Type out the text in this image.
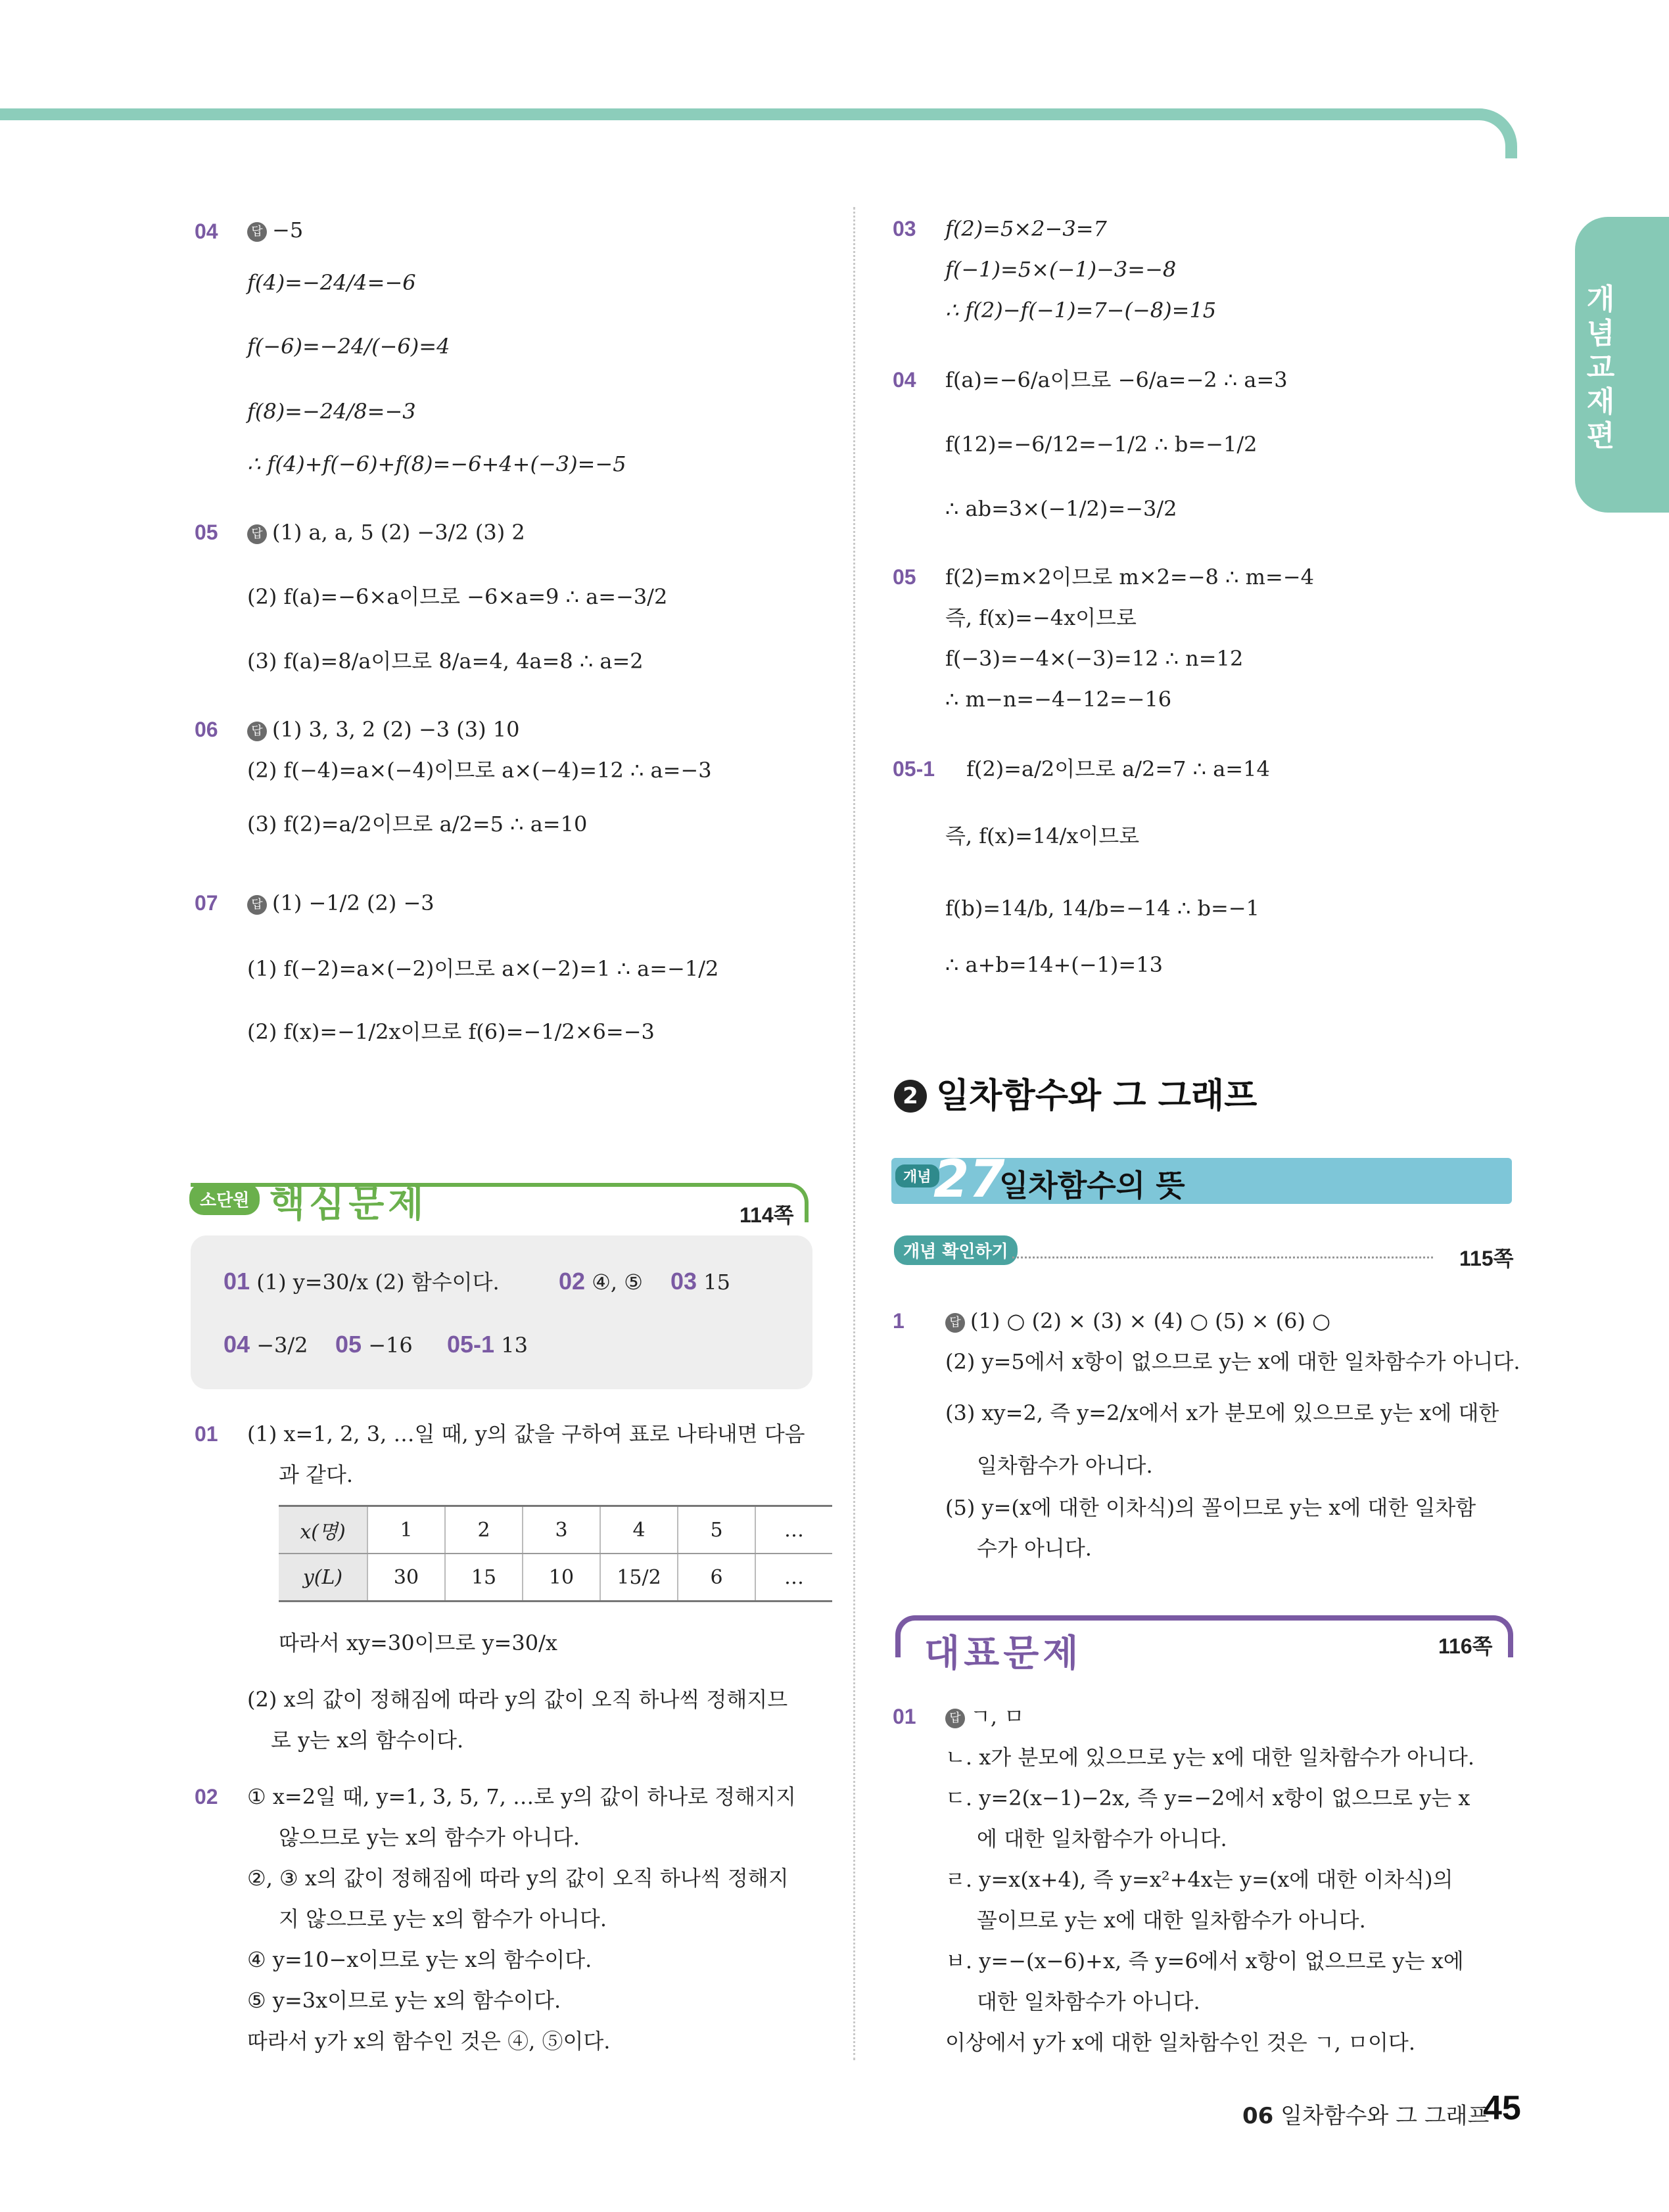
개념교재편
04	답 −5
f(4)=−24/4=−6
f(−6)=−24/(−6)=4
f(8)=−24/8=−3
∴ f(4)+f(−6)+f(8)=−6+4+(−3)=−5
05	답 (1) a, a, 5 (2) −3/2 (3) 2
(2) f(a)=−6×a이므로 −6×a=9 ∴ a=−3/2
(3) f(a)=8/a이므로 8/a=4, 4a=8 ∴ a=2
06	답 (1) 3, 3, 2 (2) −3 (3) 10
(2) f(−4)=a×(−4)이므로 a×(−4)=12 ∴ a=−3
(3) f(2)=a/2이므로 a/2=5 ∴ a=10
07	답 (1) −1/2 (2) −3
(1) f(−2)=a×(−2)이므로 a×(−2)=1 ∴ a=−1/2
(2) f(x)=−1/2x이므로 f(6)=−1/2×6=−3
소단원 핵심문제	114쪽
01 (1) y=30/x (2) 함수이다.	02 ④, ⑤ 03 15
04 −3/2 05 −16 05-1 13
01 (1) x=1, 2, 3, …일 때, y의 값을 구하여 표로 나타내면 다음
과 같다.
x(명)	1	2	3	4	5	…
y(L)	30	15	10	15/2	6	…
따라서 xy=30이므로 y=30/x
(2) x의 값이 정해짐에 따라 y의 값이 오직 하나씩 정해지므
로 y는 x의 함수이다.
02 ① x=2일 때, y=1, 3, 5, 7, …로 y의 값이 하나로 정해지지
않으므로 y는 x의 함수가 아니다.
②, ③ x의 값이 정해짐에 따라 y의 값이 오직 하나씩 정해지
지 않으므로 y는 x의 함수가 아니다.
④ y=10−x이므로 y는 x의 함수이다.
⑤ y=3x이므로 y는 x의 함수이다.
따라서 y가 x의 함수인 것은 ④, ⑤이다.
03 f(2)=5×2−3=7
f(−1)=5×(−1)−3=−8
∴ f(2)−f(−1)=7−(−8)=15
04 f(a)=−6/a이므로 −6/a=−2 ∴ a=3
f(12)=−6/12=−1/2 ∴ b=−1/2
∴ ab=3×(−1/2)=−3/2
05 f(2)=m×2이므로 m×2=−8 ∴ m=−4
즉, f(x)=−4x이므로
f(−3)=−4×(−3)=12 ∴ n=12
∴ m−n=−4−12=−16
05-1 f(2)=a/2이므로 a/2=7 ∴ a=14
즉, f(x)=14/x이므로
f(b)=14/b, 14/b=−14 ∴ b=−1
∴ a+b=14+(−1)=13
2 일차함수와 그 그래프
개념 27
일차함수의 뜻
개념 확인하기	115쪽
1	답 (1) ○ (2) × (3) × (4) ○ (5) × (6) ○
(2) y=5에서 x항이 없으므로 y는 x에 대한 일차함수가 아니다.
(3) xy=2, 즉 y=2/x에서 x가 분모에 있으므로 y는 x에 대한
일차함수가 아니다.
(5) y=(x에 대한 이차식)의 꼴이므로 y는 x에 대한 일차함
수가 아니다.
대표문제	116쪽
01	답 ㄱ, ㅁ
ㄴ. x가 분모에 있으므로 y는 x에 대한 일차함수가 아니다.
ㄷ. y=2(x−1)−2x, 즉 y=−2에서 x항이 없으므로 y는 x
에 대한 일차함수가 아니다.
ㄹ. y=x(x+4), 즉 y=x²+4x는 y=(x에 대한 이차식)의
꼴이므로 y는 x에 대한 일차함수가 아니다.
ㅂ. y=−(x−6)+x, 즉 y=6에서 x항이 없으므로 y는 x에
대한 일차함수가 아니다.
이상에서 y가 x에 대한 일차함수인 것은 ㄱ, ㅁ이다.
06 일차함수와 그 그래프
45
